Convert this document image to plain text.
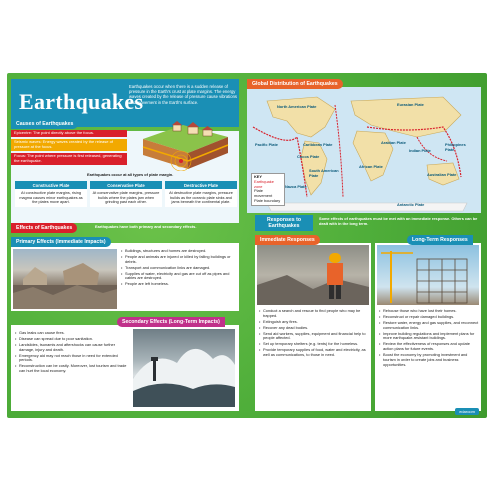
Earthquakes
Earthquakes occur when there is a sudden release of pressure in the Earth's crust at plate margins. The energy waves created by the release of pressure cause vibrations and movement in the Earth's surface.
Causes of Earthquakes
Epicentre: The point directly above the focus.
Seismic waves: Energy waves created by the release of pressure at the focus.
Focus: The point where pressure is first released, generating the earthquake.
Earthquakes occur at all types of plate margin.
Constructive Plate
At constructive plate margins, rising magma causes minor earthquakes as the plates move apart.
Conservative Plate
At conservative plate margins, pressure builds where the plates jam when grinding past each other.
Destructive Plate
At destructive plate margins, pressure builds as the oceanic plate sinks and jams beneath the continental plate.
North American Plate	Eurasian Plate
Pacific Plate	Caribbean Plate
Cocos Plate
Arabian Plate
Indian Plate
Philippines Plate
South American Plate
African Plate
Nazca Plate
Australian Plate
Antarctic Plate
KEY
Earthquake zone
Plate movement
Plate boundary
Global Distribution of Earthquakes
Effects of Earthquakes	Earthquakes have both primary and secondary effects.
Primary Effects (Immediate Impacts)
• Buildings, structures and homes are destroyed.
• People and animals are injured or killed by falling buildings or debris.
• Transport and communication links are damaged.
• Supplies of water, electricity and gas are cut off as pipes and cables are destroyed.
• People are left homeless.
Secondary Effects (Long-Term Impacts)
• Gas leaks can cause fires.
• Disease can spread due to poor sanitation.
• Landslides, tsunamis and aftershocks can cause further damage, injury and death.
• Emergency aid may not reach those in need for extended periods.
• Reconstruction can be costly. Moreover, lost tourism and trade can hurt the local economy.
Responses to Earthquakes
Some effects of earthquakes must be met with an immediate response. Others can be dealt with in the long term.
Immediate Responses
• Conduct a search and rescue to find people who may be trapped.
• Extinguish any fires.
• Recover any dead bodies.
• Send aid workers, supplies, equipment and financial help to people affected.
• Set up temporary shelters (e.g. tents) for the homeless.
• Provide temporary supplies of food, water and electricity, as well as communications, to those in need.
Long-Term Responses
• Rehouse those who have lost their homes.
• Reconstruct or repair damaged buildings.
• Restore water, energy and gas supplies, and reconnect communication links.
• Improve building regulations and implement plans for more earthquake-resistant buildings.
• Review the effectiveness of responses and update action plans for future events.
• Boost the economy by promoting investment and tourism in order to create jobs and business opportunities.
edaroom
